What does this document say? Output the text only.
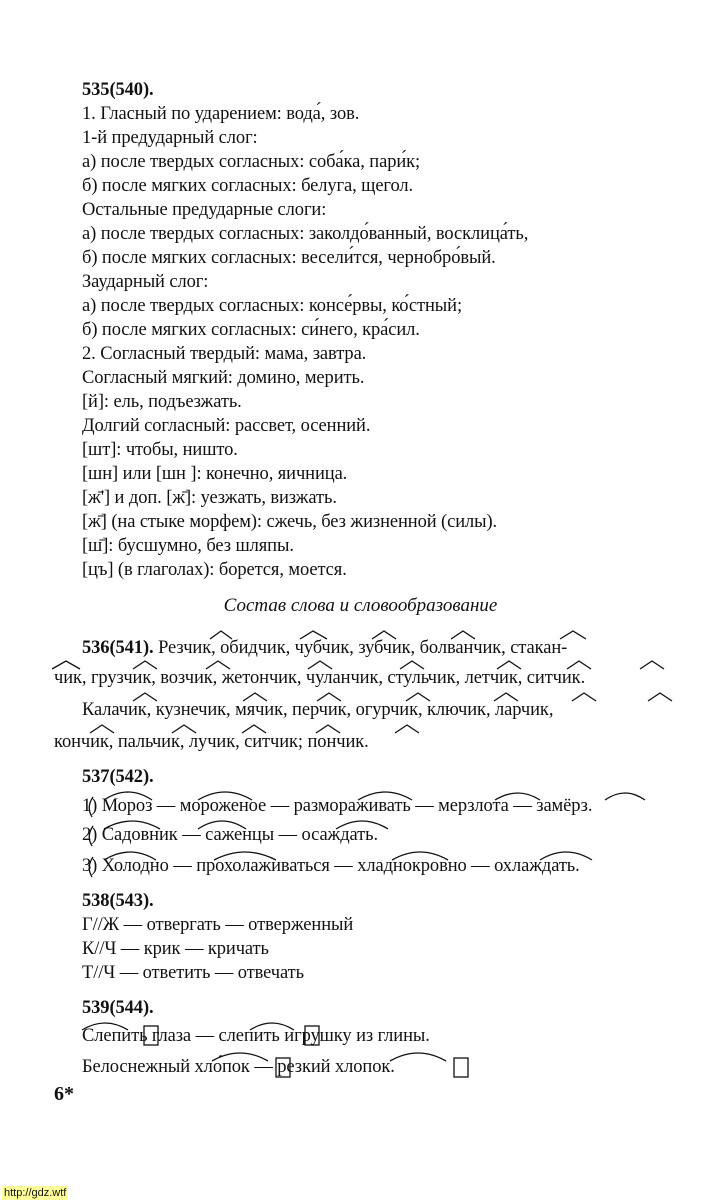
535(540).
1. Гласный по ударением: вода́, зов.
1-й предударный слог:
а) после твердых согласных: соба́ка, пари́к;
б) после мягких согласных: белуга, щегол.
Остальные предударные слоги:
а) после твердых согласных: заколдо́ванный, восклица́ть,
б) после мягких согласных: весели́тся, чернобро́вый.
Заударный слог:
а) после твердых согласных: консе́рвы, ко́стный;
б) после мягких согласных: си́него, кра́сил.
2. Согласный твердый: мама, завтра.
Согласный мягкий: домино, мерить.
[й]: ель, подъезжать.
Долгий согласный: рассвет, осенний.
[шт]: чтобы, ништо.
[шн] или [шн ]: конечно, яичница.
[ж̄'] и доп. [ж̄]: уезжать, визжать.
[ж̄] (на стыке морфем): сжечь, без жизненной (силы).
[ш̄]: бусшумно, без шляпы.
[цъ] (в глаголах): борется, моется.
Состав слова и словообразование
536(541). Резчик, обидчик, чубчик, зубчик, болванчик, стакан-
чик, грузчик, возчик, жетончик, чуланчик, стульчик, летчик, ситчик.
Калачик, кузнечик, мячик, перчик, огурчик, ключик, ларчик,
кончик, пальчик, лучик, ситчик; пончик.
537(542).
1) Мороз — мороженое — размораживать — мерзлота — замёрз.
2) Садовник — саженцы — осаждать.
3) Холодно — прохолаживаться — хладнокровно — охлаждать.
538(543).
Г//Ж — отвергать — отверженный
К//Ч — крик — кричать
Т//Ч — ответить — отвечать
539(544).
Слепить глаза — слепить игрушку из глины.
Белоснежный хло́пок — резкий хлопок.
6*
http://gdz.wtf
